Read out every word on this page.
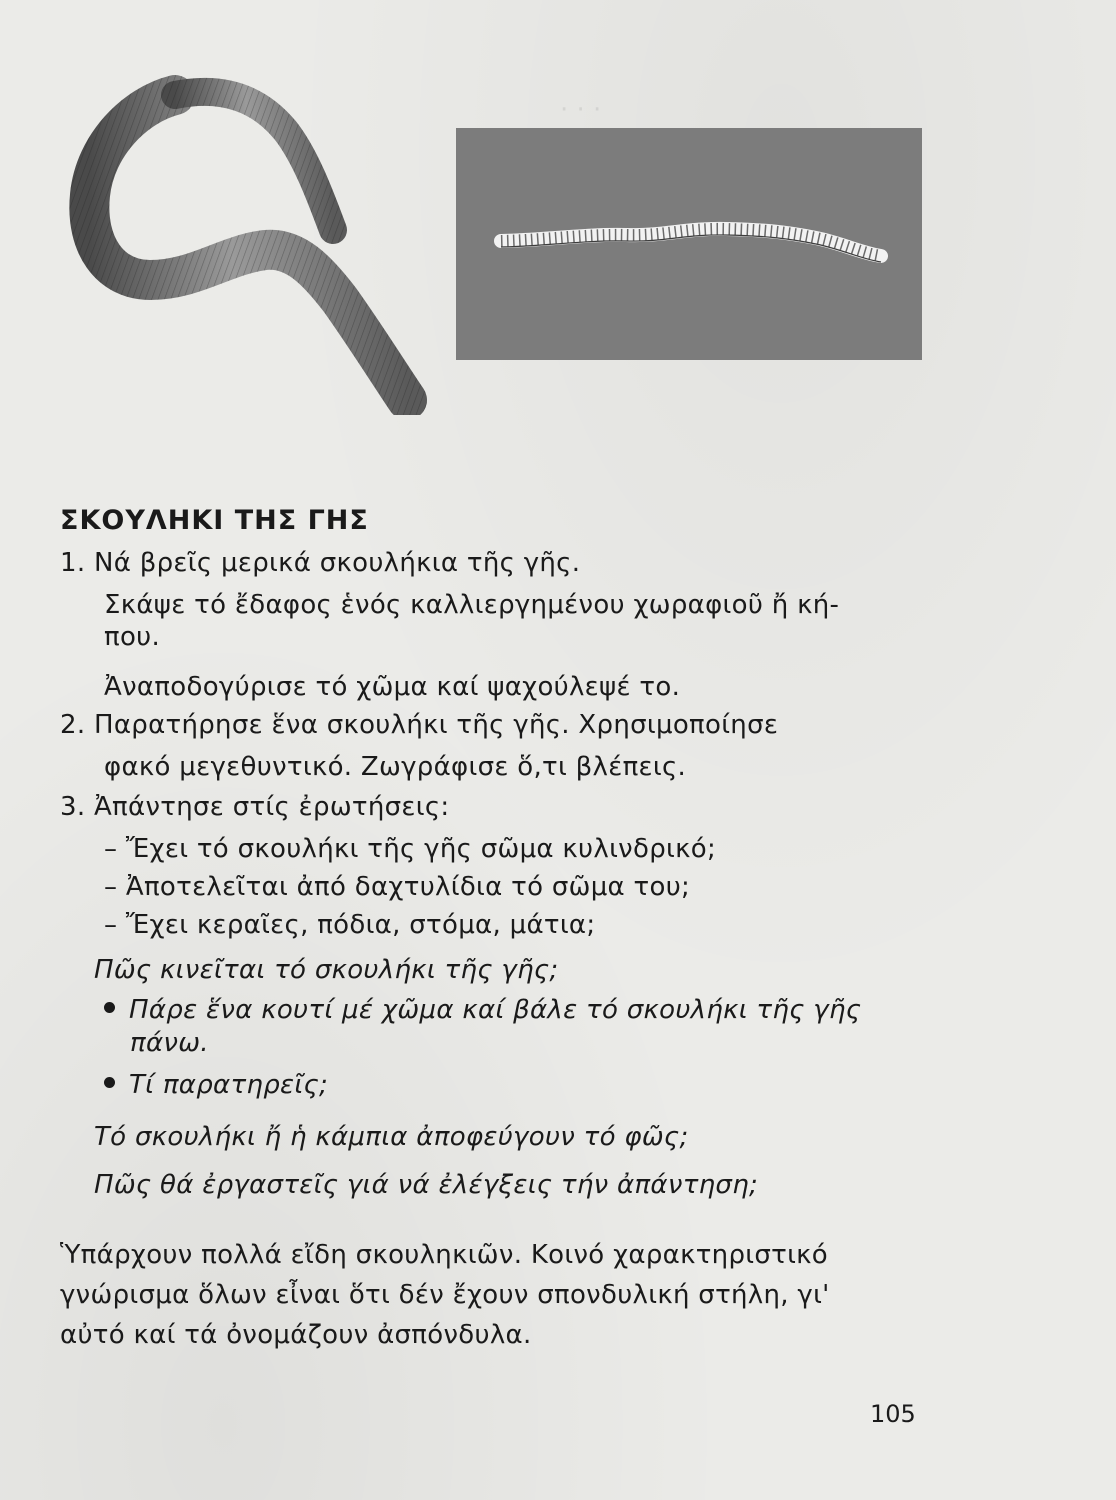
· · ·
ΣΚΟΥΛΗΚΙ ΤΗΣ ΓΗΣ
1. Νά βρεῖς μερικά σκουλήκια τῆς γῆς.
Σκάψε τό ἔδαφος ἑνός καλλιεργημένου χωραφιοῦ ἤ κή-
που.
Ἀναποδογύρισε τό χῶμα καί ψαχούλεψέ το.
2. Παρατήρησε ἕνα σκουλήκι τῆς γῆς. Χρησιμοποίησε
φακό μεγεθυντικό. Ζωγράφισε ὅ,τι βλέπεις.
3. Ἀπάντησε στίς ἐρωτήσεις:
– Ἔχει τό σκουλήκι τῆς γῆς σῶμα κυλινδρικό;
– Ἀποτελεῖται ἀπό δαχτυλίδια τό σῶμα του;
– Ἔχει κεραῖες, πόδια, στόμα, μάτια;
Πῶς κινεῖται τό σκουλήκι τῆς γῆς;
Πάρε ἕνα κουτί μέ χῶμα καί βάλε τό σκουλήκι τῆς γῆς
πάνω.
Τί παρατηρεῖς;
Τό σκουλήκι ἤ ἡ κάμπια ἀποφεύγουν τό φῶς;
Πῶς θά ἐργαστεῖς γιά νά ἐλέγξεις τήν ἀπάντηση;
Ὑπάρχουν πολλά εἴδη σκουληκιῶν. Κοινό χαρακτηριστικό
γνώρισμα ὅλων εἶναι ὅτι δέν ἔχουν σπονδυλική στήλη, γι'
αὐτό καί τά ὀνομάζουν ἀσπόνδυλα.
105
